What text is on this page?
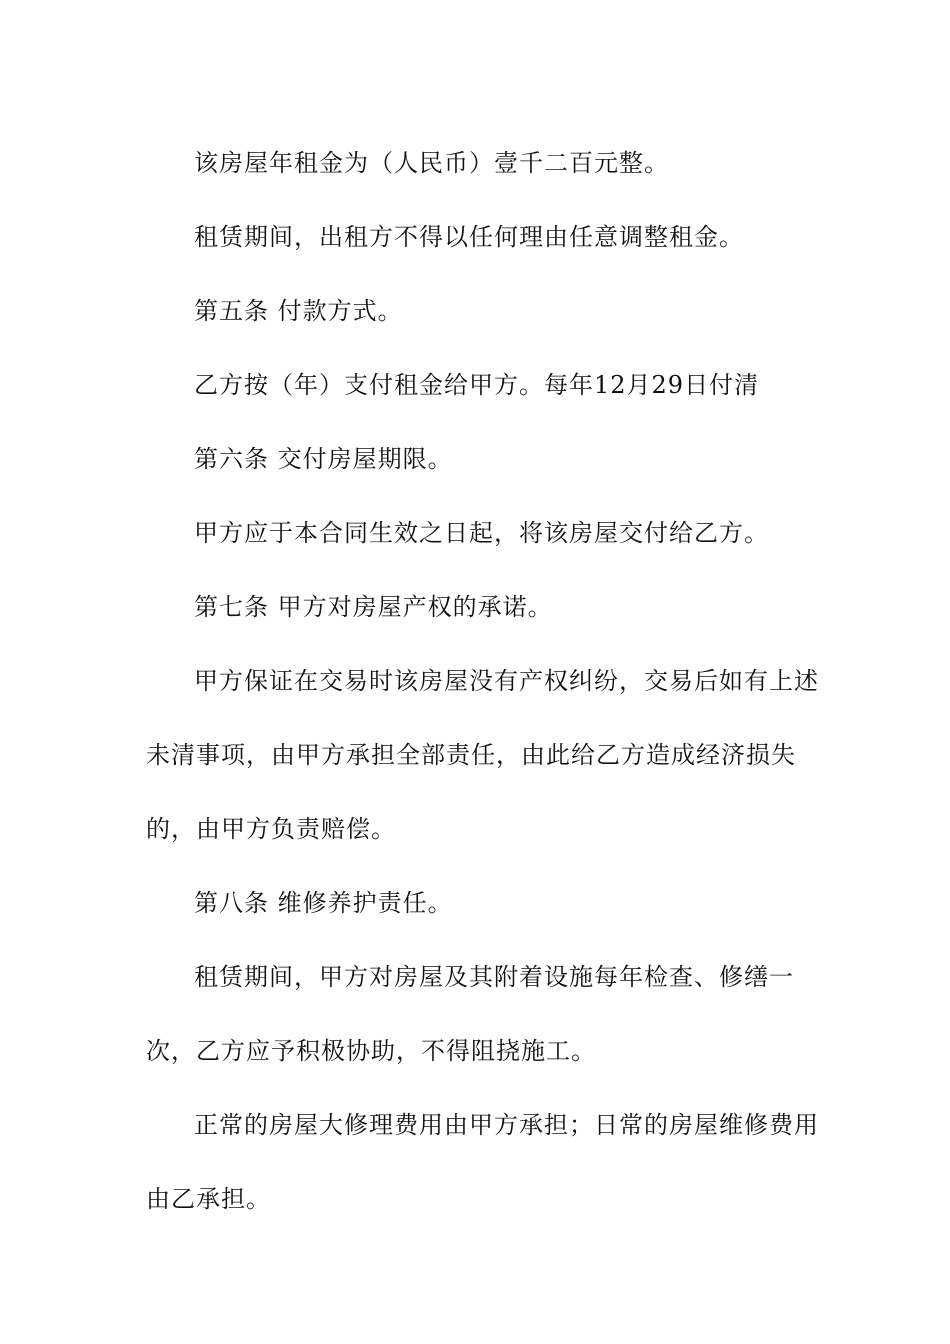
该房屋年租金为（人民币）壹千二百元整。

租赁期间，出租方不得以任何理由任意调整租金。

第五条 付款方式。

乙方按（年）支付租金给甲方。每年12月29日付清

第六条 交付房屋期限。

甲方应于本合同生效之日起，将该房屋交付给乙方。

第七条 甲方对房屋产权的承诺。

甲方保证在交易时该房屋没有产权纠纷，交易后如有上述未清事项，由甲方承担全部责任，由此给乙方造成经济损失的，由甲方负责赔偿。

第八条 维修养护责任。

租赁期间，甲方对房屋及其附着设施每年检查、修缮一次，乙方应予积极协助，不得阻挠施工。

正常的房屋大修理费用由甲方承担；日常的房屋维修费用由乙承担。
